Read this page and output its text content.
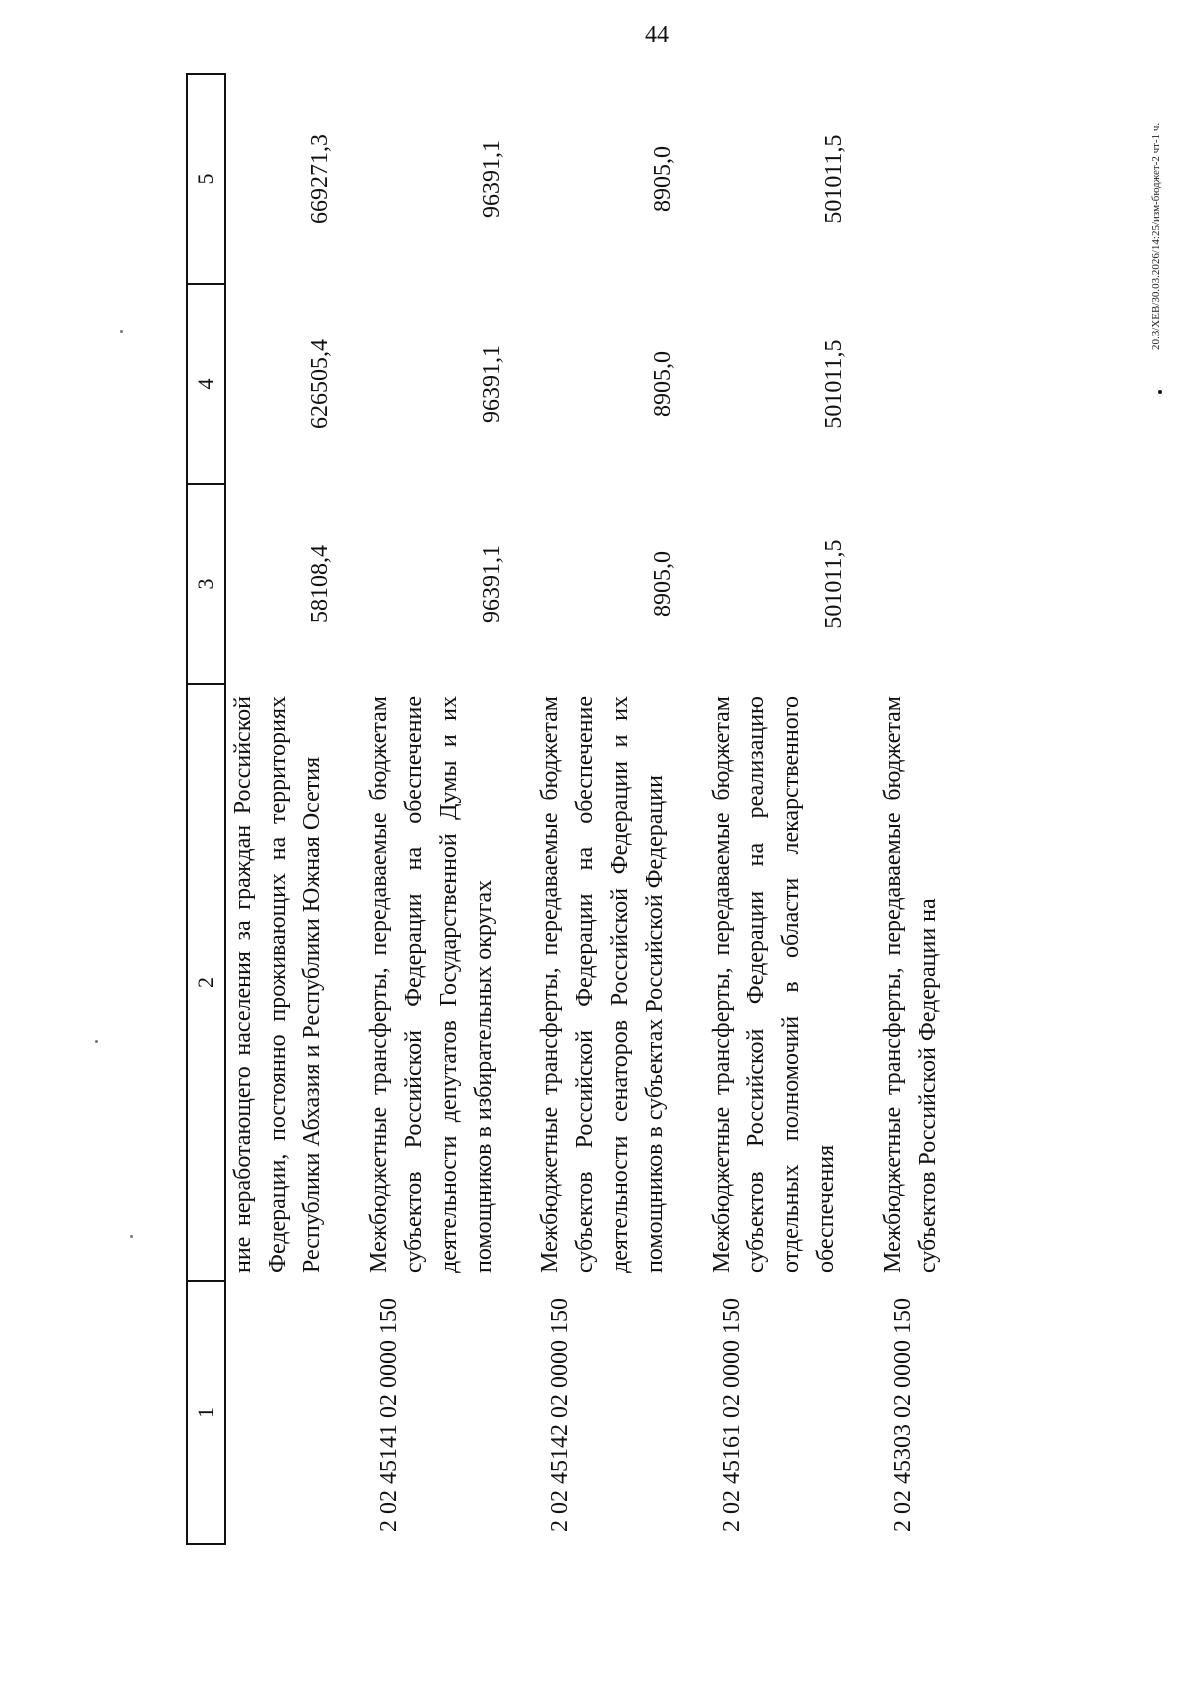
44
20.3/XEB/30.03.2026/14:25/изм-бюджет-2 чт-1 ч.
1	2	3	4	5
	ние неработающего населения за граждан Российской Федерации, постоянно проживающих на территориях Республики Абхазия и Республики Южная Осетия	58108,4	626505,4	669271,3
2 02 45141 02 0000 150	Межбюджетные трансферты, передаваемые бюджетам субъектов Российской Федерации на обеспечение деятельности депутатов Государственной Думы и их помощников в избирательных округах	96391,1	96391,1	96391,1
2 02 45142 02 0000 150	Межбюджетные трансферты, передаваемые бюджетам субъектов Российской Федерации на обеспечение деятельности сенаторов Российской Федерации и их помощников в субъектах Российской Федерации	8905,0	8905,0	8905,0
2 02 45161 02 0000 150	Межбюджетные трансферты, передаваемые бюджетам субъектов Российской Федерации на реализацию отдельных полномочий в области лекарственного обеспечения	501011,5	501011,5	501011,5
2 02 45303 02 0000 150	Межбюджетные трансферты, передаваемые бюджетам субъектов Российской Федерации на			
